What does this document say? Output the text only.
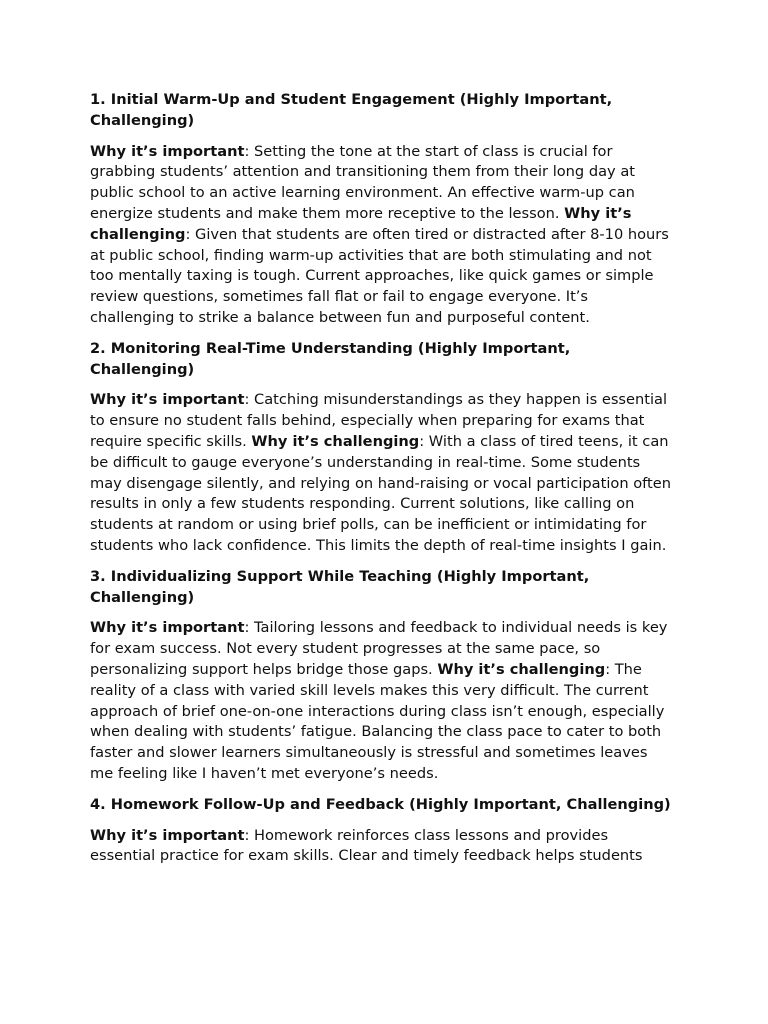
1. Initial Warm-Up and Student Engagement (Highly Important, Challenging)

Why it’s important: Setting the tone at the start of class is crucial for grabbing students’ attention and transitioning them from their long day at public school to an active learning environment. An effective warm-up can energize students and make them more receptive to the lesson. Why it’s challenging: Given that students are often tired or distracted after 8-10 hours at public school, finding warm-up activities that are both stimulating and not too mentally taxing is tough. Current approaches, like quick games or simple review questions, sometimes fall flat or fail to engage everyone. It’s challenging to strike a balance between fun and purposeful content.

2. Monitoring Real-Time Understanding (Highly Important, Challenging)

Why it’s important: Catching misunderstandings as they happen is essential to ensure no student falls behind, especially when preparing for exams that require specific skills. Why it’s challenging: With a class of tired teens, it can be difficult to gauge everyone’s understanding in real-time. Some students may disengage silently, and relying on hand-raising or vocal participation often results in only a few students responding. Current solutions, like calling on students at random or using brief polls, can be inefficient or intimidating for students who lack confidence. This limits the depth of real-time insights I gain.

3. Individualizing Support While Teaching (Highly Important, Challenging)

Why it’s important: Tailoring lessons and feedback to individual needs is key for exam success. Not every student progresses at the same pace, so personalizing support helps bridge those gaps. Why it’s challenging: The reality of a class with varied skill levels makes this very difficult. The current approach of brief one-on-one interactions during class isn’t enough, especially when dealing with students’ fatigue. Balancing the class pace to cater to both faster and slower learners simultaneously is stressful and sometimes leaves me feeling like I haven’t met everyone’s needs.

4. Homework Follow-Up and Feedback (Highly Important, Challenging)

Why it’s important: Homework reinforces class lessons and provides essential practice for exam skills. Clear and timely feedback helps students
